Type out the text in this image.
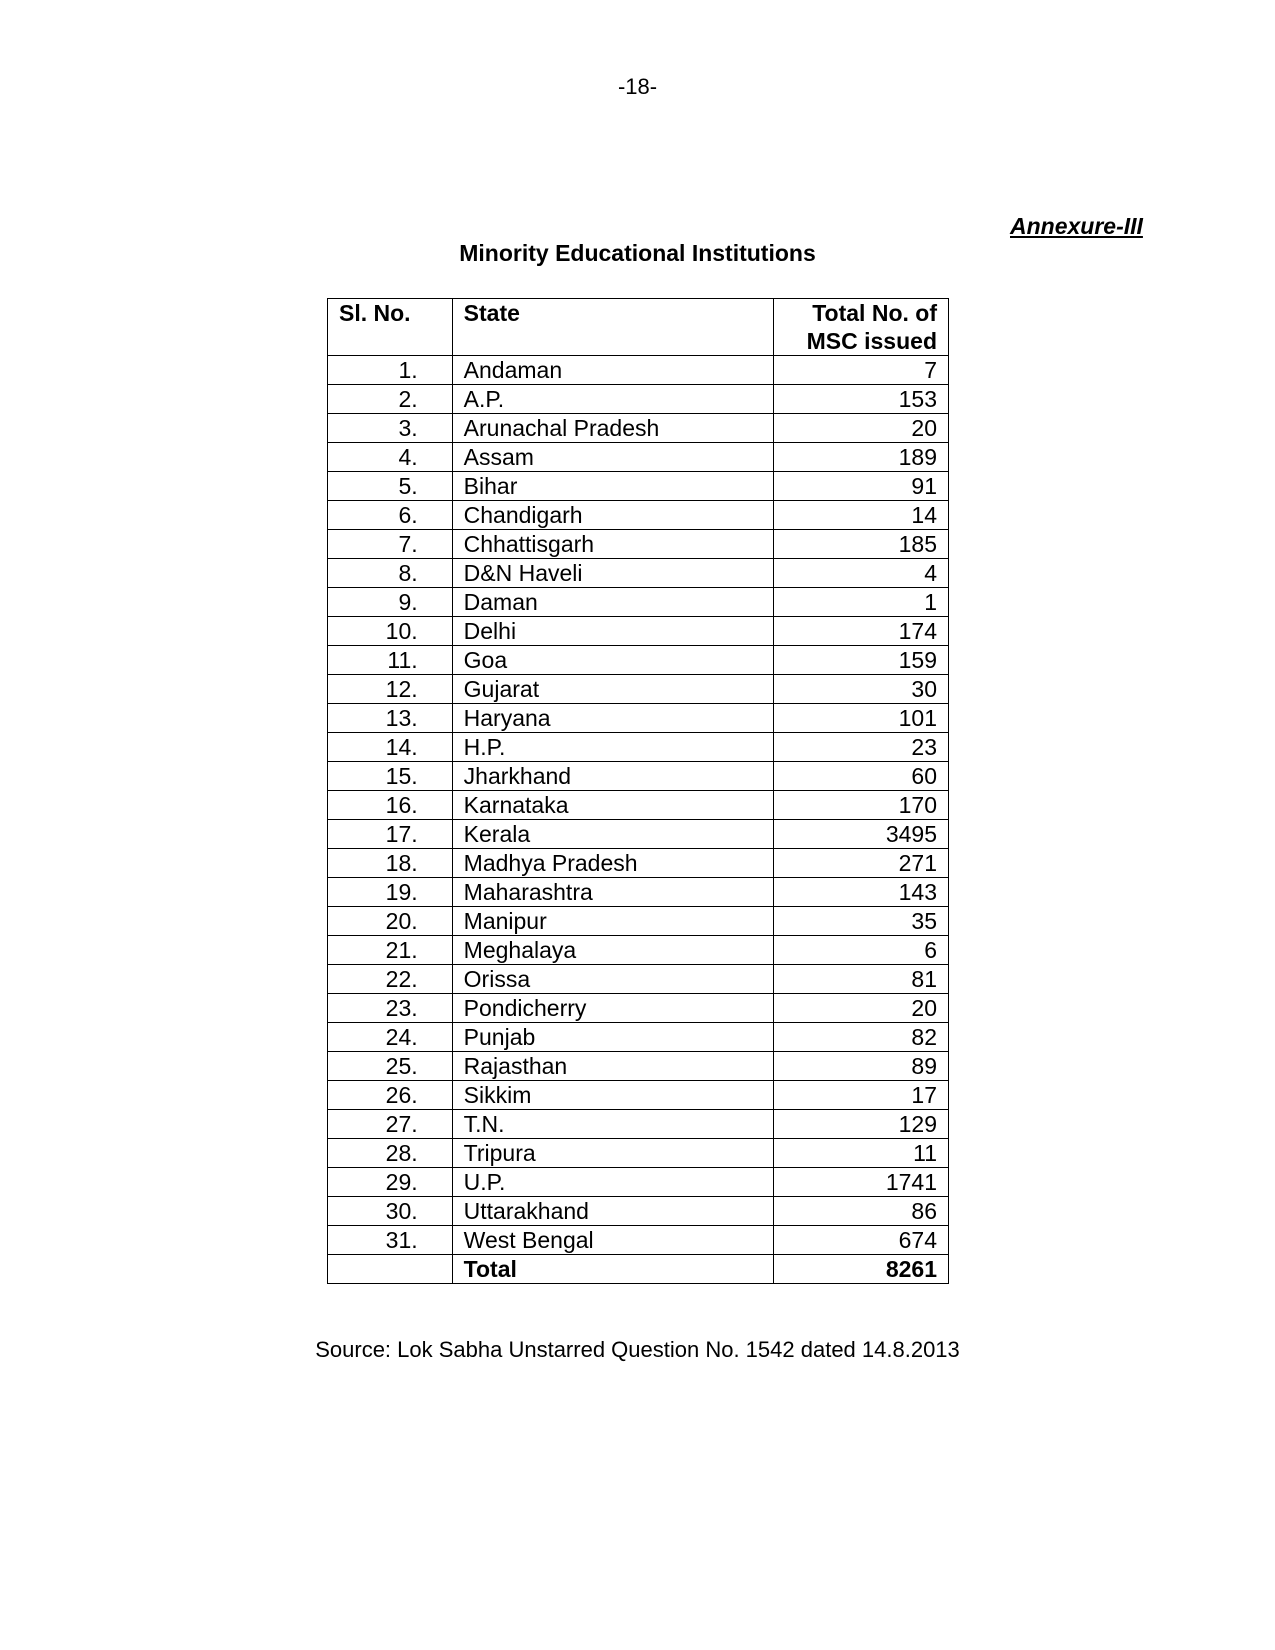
-18-
Annexure-III
Minority Educational Institutions
Sl. No.	State	Total No. of
MSC issued
1.	Andaman	7
2.	A.P.	153
3.	Arunachal Pradesh	20
4.	Assam	189
5.	Bihar	91
6.	Chandigarh	14
7.	Chhattisgarh	185
8.	D&N Haveli	4
9.	Daman	1
10.	Delhi	174
11.	Goa	159
12.	Gujarat	30
13.	Haryana	101
14.	H.P.	23
15.	Jharkhand	60
16.	Karnataka	170
17.	Kerala	3495
18.	Madhya Pradesh	271
19.	Maharashtra	143
20.	Manipur	35
21.	Meghalaya	6
22.	Orissa	81
23.	Pondicherry	20
24.	Punjab	82
25.	Rajasthan	89
26.	Sikkim	17
27.	T.N.	129
28.	Tripura	11
29.	U.P.	1741
30.	Uttarakhand	86
31.	West Bengal	674
	Total	8261
Source: Lok Sabha Unstarred Question No. 1542 dated 14.8.2013
